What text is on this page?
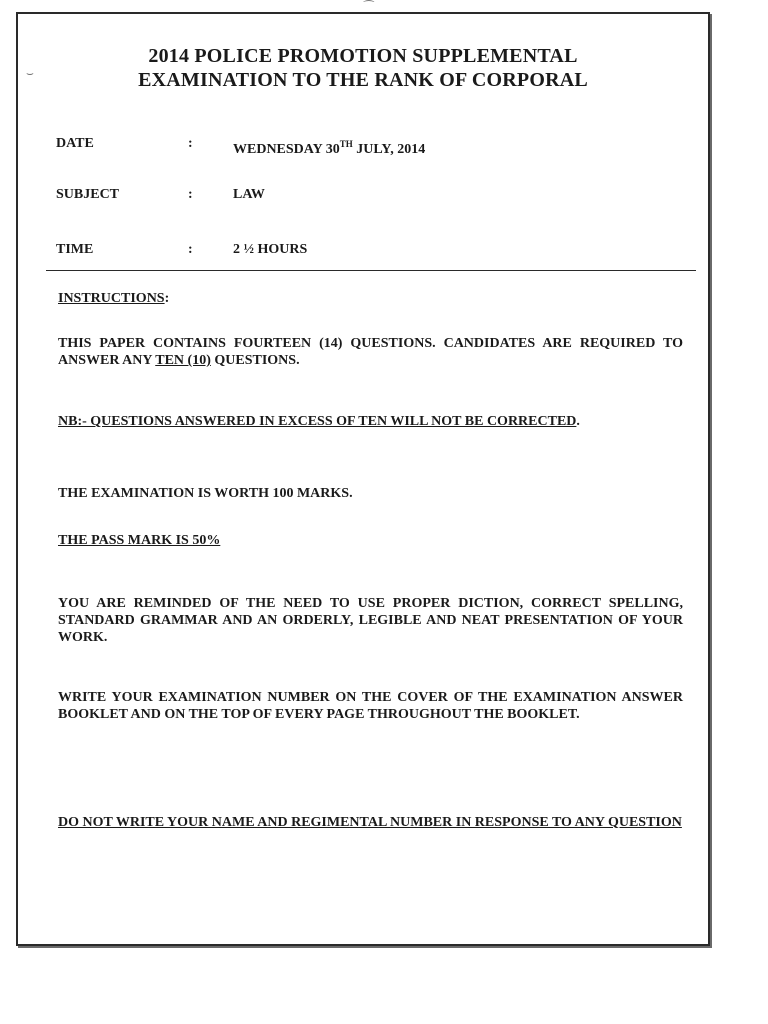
2014 POLICE PROMOTION SUPPLEMENTAL
EXAMINATION TO THE RANK OF CORPORAL
DATE	:	WEDNESDAY 30TH JULY, 2014
SUBJECT	:	LAW
TIME	:	2 ½ HOURS
INSTRUCTIONS:
THIS PAPER CONTAINS FOURTEEN (14) QUESTIONS. CANDIDATES ARE REQUIRED TO ANSWER ANY TEN (10) QUESTIONS.
NB:- QUESTIONS ANSWERED IN EXCESS OF TEN WILL NOT BE CORRECTED.
THE EXAMINATION IS WORTH 100 MARKS.
THE PASS MARK IS 50%
YOU ARE REMINDED OF THE NEED TO USE PROPER DICTION, CORRECT SPELLING, STANDARD GRAMMAR AND AN ORDERLY, LEGIBLE AND NEAT PRESENTATION OF YOUR WORK.
WRITE YOUR EXAMINATION NUMBER ON THE COVER OF THE EXAMINATION ANSWER BOOKLET AND ON THE TOP OF EVERY PAGE THROUGHOUT THE BOOKLET.
DO NOT WRITE YOUR NAME AND REGIMENTAL NUMBER IN RESPONSE TO ANY QUESTION
⁀
⌣
